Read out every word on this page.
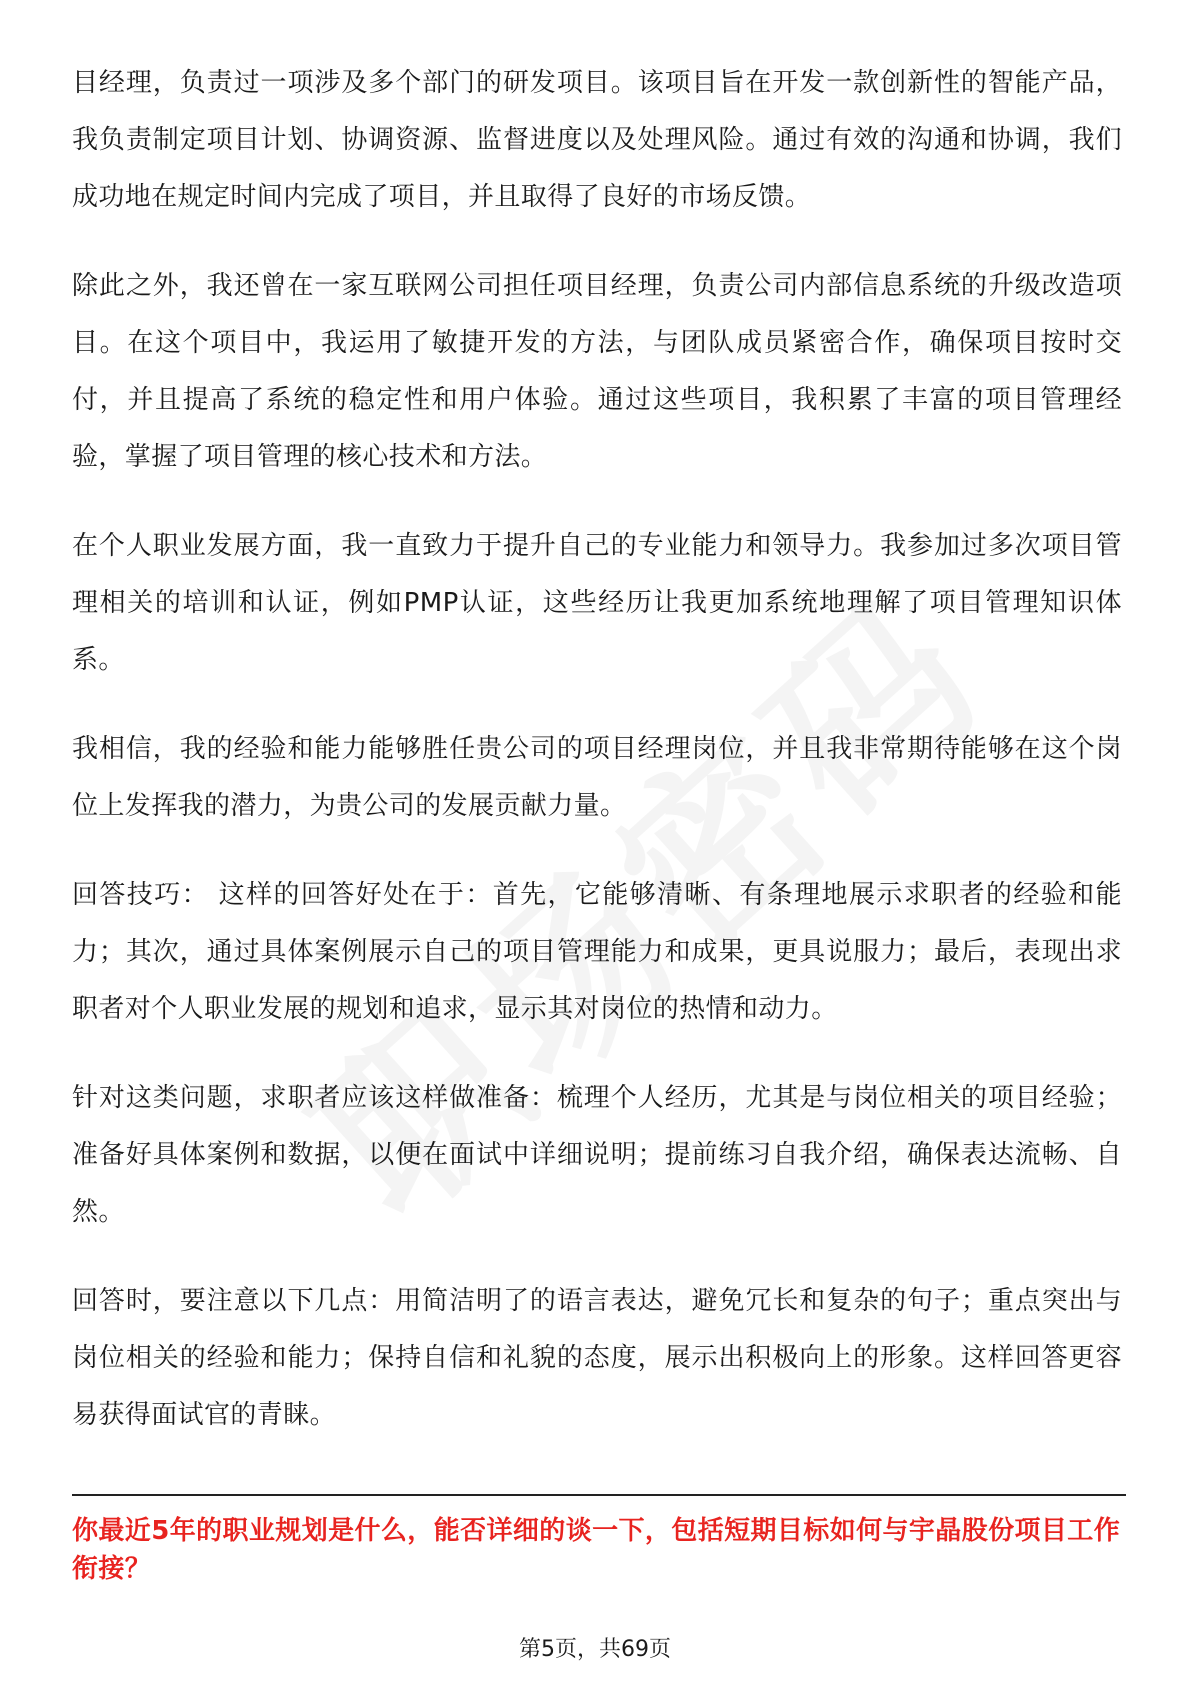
目经理，负责过一项涉及多个部门的研发项目。该项目旨在开发一款创新性的智能产品，我负责制定项目计划、协调资源、监督进度以及处理风险。通过有效的沟通和协调，我们成功地在规定时间内完成了项目，并且取得了良好的市场反馈。

除此之外，我还曾在一家互联网公司担任项目经理，负责公司内部信息系统的升级改造项目。在这个项目中，我运用了敏捷开发的方法，与团队成员紧密合作，确保项目按时交付，并且提高了系统的稳定性和用户体验。通过这些项目，我积累了丰富的项目管理经验，掌握了项目管理的核心技术和方法。

在个人职业发展方面，我一直致力于提升自己的专业能力和领导力。我参加过多次项目管理相关的培训和认证，例如PMP认证，这些经历让我更加系统地理解了项目管理知识体系。

我相信，我的经验和能力能够胜任贵公司的项目经理岗位，并且我非常期待能够在这个岗位上发挥我的潜力，为贵公司的发展贡献力量。

回答技巧： 这样的回答好处在于：首先，它能够清晰、有条理地展示求职者的经验和能力；其次，通过具体案例展示自己的项目管理能力和成果，更具说服力；最后，表现出求职者对个人职业发展的规划和追求，显示其对岗位的热情和动力。

针对这类问题，求职者应该这样做准备：梳理个人经历，尤其是与岗位相关的项目经验；准备好具体案例和数据，以便在面试中详细说明；提前练习自我介绍，确保表达流畅、自然。

回答时，要注意以下几点：用简洁明了的语言表达，避免冗长和复杂的句子；重点突出与岗位相关的经验和能力；保持自信和礼貌的态度，展示出积极向上的形象。这样回答更容易获得面试官的青睐。

你最近5年的职业规划是什么，能否详细的谈一下，包括短期目标如何与宇晶股份项目工作衔接？
第5页，共69页
